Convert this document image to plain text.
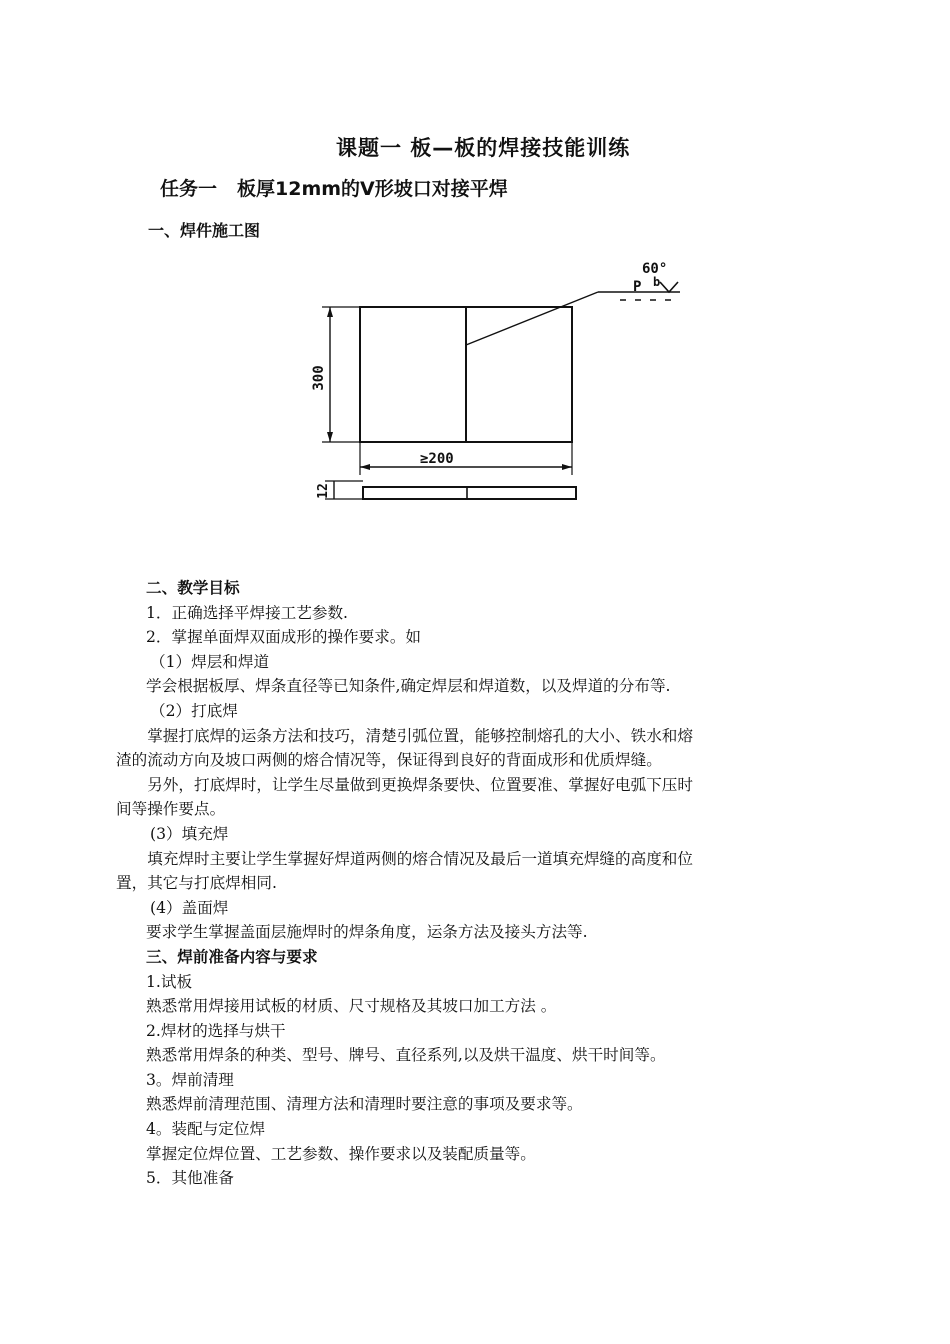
课题一 板—板的焊接技能训练
任务一 板厚12mm的V形坡口对接平焊
一、焊件施工图
60°
P b
≥200
300
12

二、教学目标

1．正确选择平焊接工艺参数.

2．掌握单面焊双面成形的操作要求。如

（1）焊层和焊道

学会根据板厚、焊条直径等已知条件,确定焊层和焊道数，以及焊道的分布等.

（2）打底焊

掌握打底焊的运条方法和技巧，清楚引弧位置，能够控制熔孔的大小、铁水和熔
渣的流动方向及坡口两侧的熔合情况等，保证得到良好的背面成形和优质焊缝。

另外，打底焊时，让学生尽量做到更换焊条要快、位置要准、掌握好电弧下压时
间等操作要点。

(3）填充焊

填充焊时主要让学生掌握好焊道两侧的熔合情况及最后一道填充焊缝的高度和位
置，其它与打底焊相同.

(4）盖面焊

要求学生掌握盖面层施焊时的焊条角度，运条方法及接头方法等.

三、焊前准备内容与要求

1.试板

熟悉常用焊接用试板的材质、尺寸规格及其坡口加工方法 。

2.焊材的选择与烘干

熟悉常用焊条的种类、型号、牌号、直径系列,以及烘干温度、烘干时间等。

3。焊前清理

熟悉焊前清理范围、清理方法和清理时要注意的事项及要求等。

4。装配与定位焊

掌握定位焊位置、工艺参数、操作要求以及装配质量等。

5．其他准备
